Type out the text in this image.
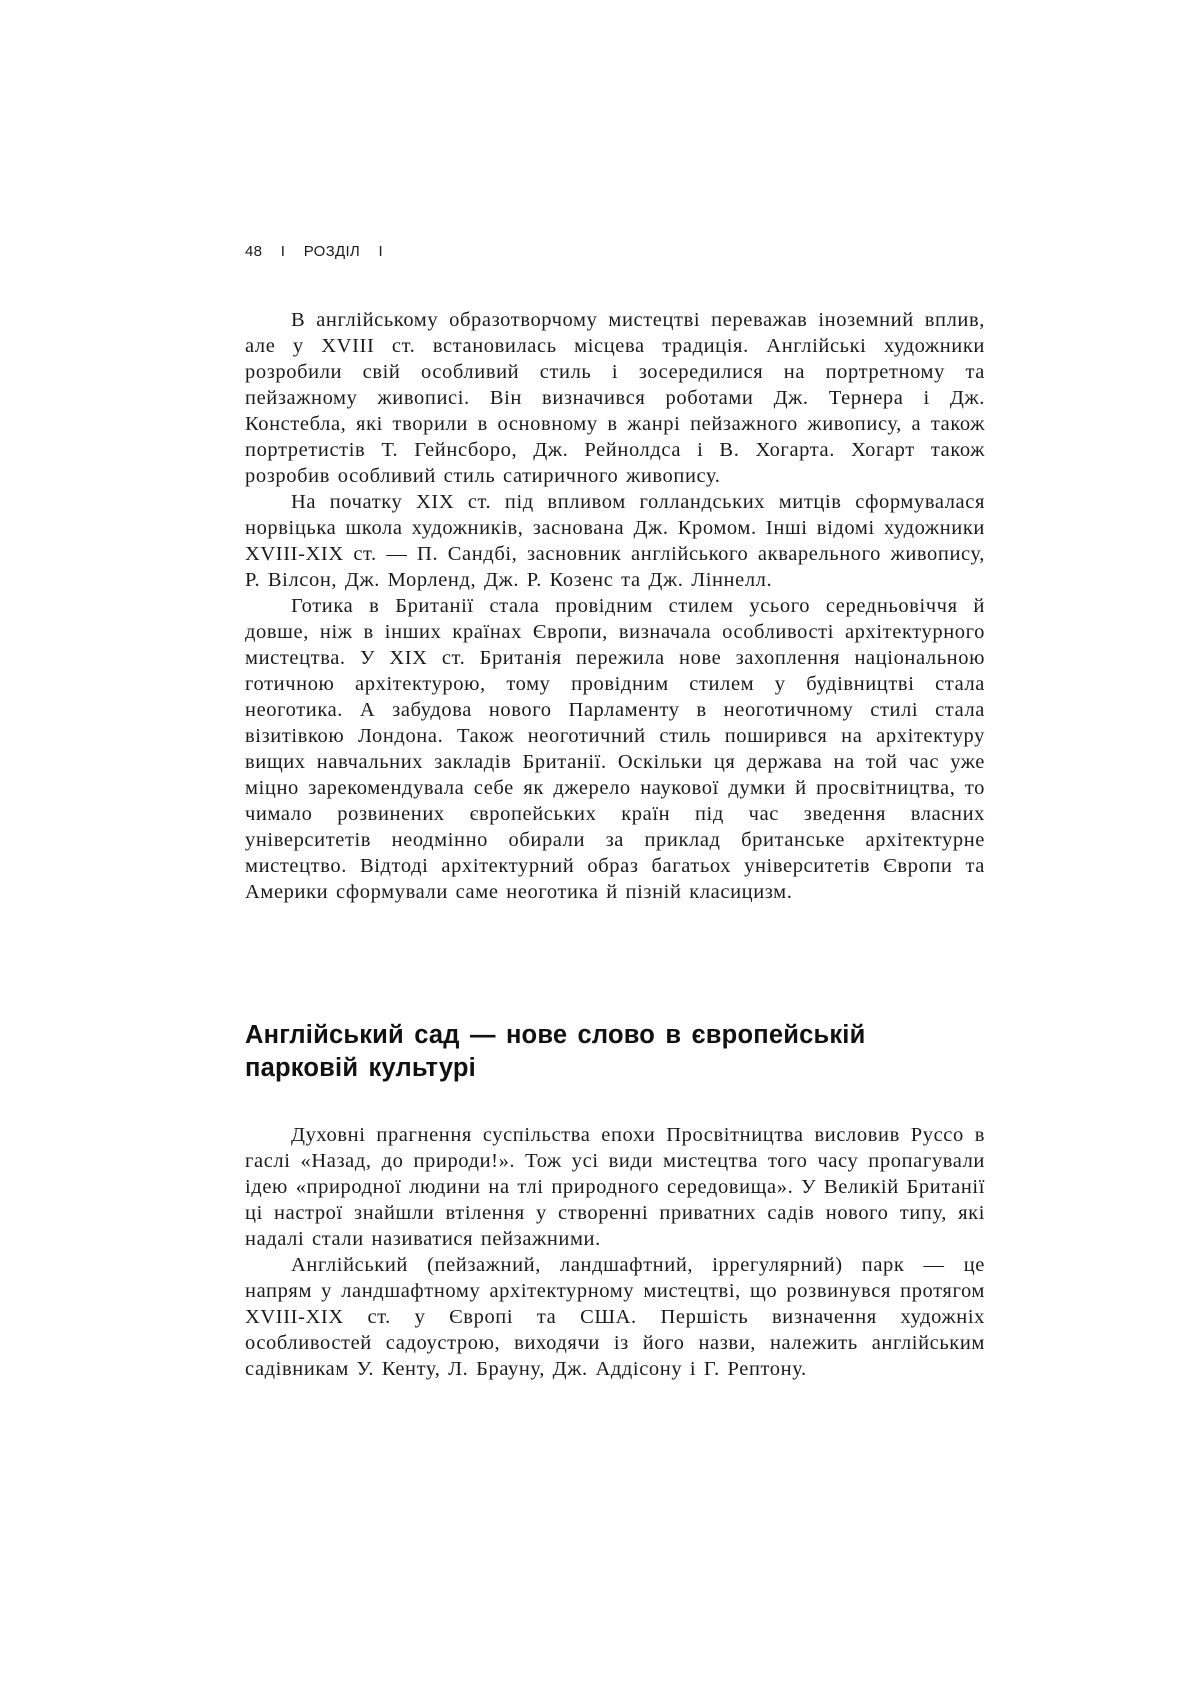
48 I РОЗДІЛ I

В англійському образотворчому мистецтві переважав іноземний вплив, але у XVIII ст. встановилась місцева традиція. Англійські художники розробили свій особливий стиль і зосередилися на портретному та пейзажному живописі. Він визначився роботами Дж. Тернера і Дж. Констебла, які творили в основному в жанрі пейзажного живопису, а також портретистів Т. Гейнсборо, Дж. Рейнолдса і В. Хогарта. Хогарт також розробив особливий стиль сатиричного живопису.

На початку XIX ст. під впливом голландських митців сформувалася норвіцька школа художників, заснована Дж. Кромом. Інші відомі художники XVIII-XIX ст. — П. Сандбі, засновник англійського акварельного живопису, Р. Вілсон, Дж. Морленд, Дж. Р. Козенс та Дж. Ліннелл.

Готика в Британії стала провідним стилем усього середньовіччя й довше, ніж в інших країнах Європи, визначала особливості архітектурного мистецтва. У XIX ст. Британія пережила нове захоплення національною готичною архітектурою, тому провідним стилем у будівництві стала неоготика. А забудова нового Парламенту в неоготичному стилі стала візитівкою Лондона. Також неоготичний стиль поширився на архітектуру вищих навчальних закладів Британії. Оскільки ця держава на той час уже міцно зарекомендувала себе як джерело наукової думки й просвітництва, то чимало розвинених європейських країн під час зведення власних університетів неодмінно обирали за приклад британське архітектурне мистецтво. Відтоді архітектурний образ багатьох університетів Європи та Америки сформували саме неоготика й пізній класицизм.

Англійський сад — нове слово в європейській парковій культурі

Духовні прагнення суспільства епохи Просвітництва висловив Руссо в гаслі «Назад, до природи!». Тож усі види мистецтва того часу пропагували ідею «природної людини на тлі природного середовища». У Великій Британії ці настрої знайшли втілення у створенні приватних садів нового типу, які надалі стали називатися пейзажними.

Англійський (пейзажний, ландшафтний, іррегулярний) парк — це напрям у ландшафтному архітектурному мистецтві, що розвинувся протягом XVIII-XIX ст. у Європі та США. Першість визначення художніх особливостей садоустрою, виходячи із його назви, належить англійським садівникам У. Кенту, Л. Брауну, Дж. Аддісону і Г. Рептону.
